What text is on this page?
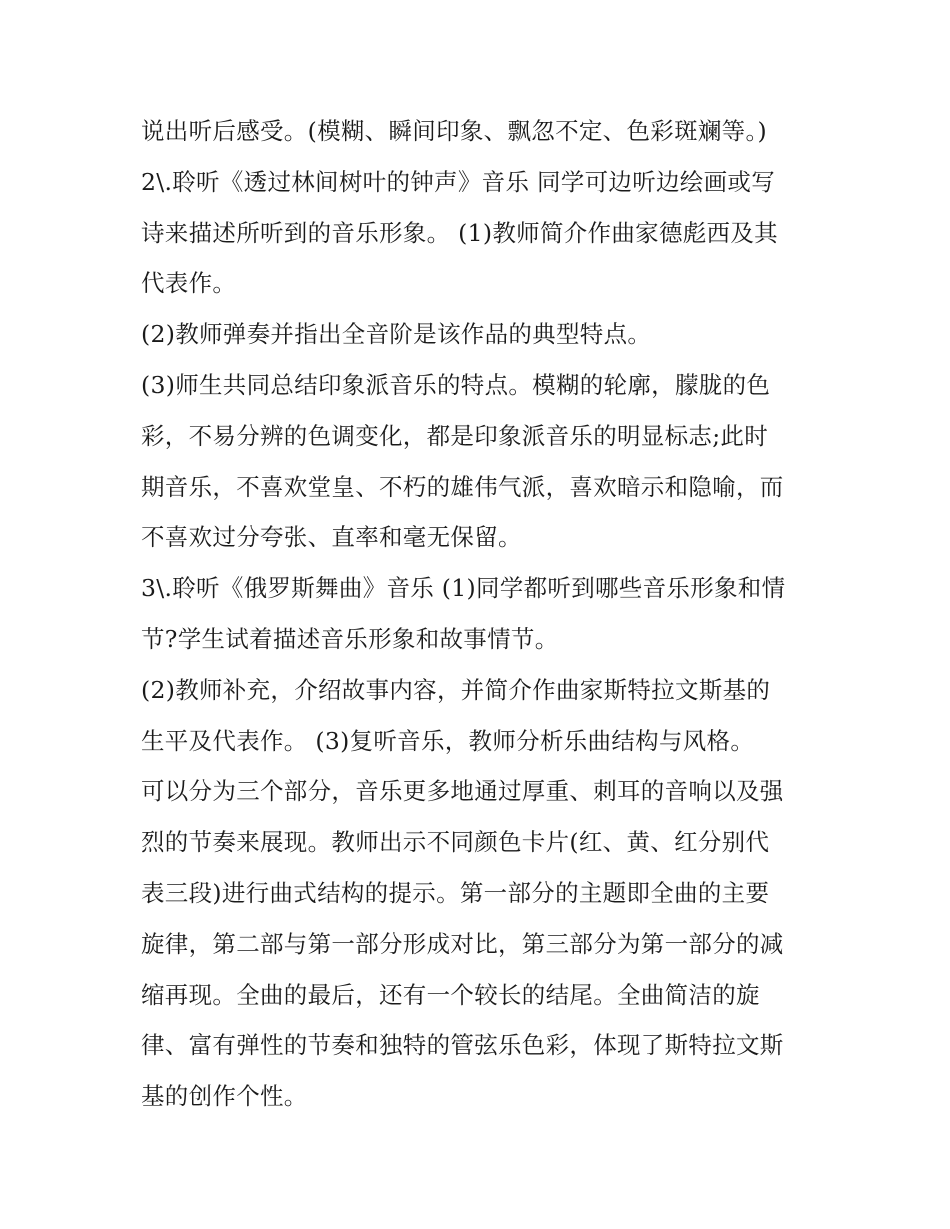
说出听后感受。(模糊、瞬间印象、飘忽不定、色彩斑斓等。)
2\.聆听《透过林间树叶的钟声》音乐 同学可边听边绘画或写
诗来描述所听到的音乐形象。 (1)教师简介作曲家德彪西及其
代表作。
(2)教师弹奏并指出全音阶是该作品的典型特点。
(3)师生共同总结印象派音乐的特点。模糊的轮廓，朦胧的色
彩，不易分辨的色调变化，都是印象派音乐的明显标志;此时
期音乐，不喜欢堂皇、不朽的雄伟气派，喜欢暗示和隐喻，而
不喜欢过分夸张、直率和毫无保留。
3\.聆听《俄罗斯舞曲》音乐 (1)同学都听到哪些音乐形象和情
节?学生试着描述音乐形象和故事情节。
(2)教师补充，介绍故事内容，并简介作曲家斯特拉文斯基的
生平及代表作。 (3)复听音乐，教师分析乐曲结构与风格。
可以分为三个部分，音乐更多地通过厚重、刺耳的音响以及强
烈的节奏来展现。教师出示不同颜色卡片(红、黄、红分别代
表三段)进行曲式结构的提示。第一部分的主题即全曲的主要
旋律，第二部与第一部分形成对比，第三部分为第一部分的减
缩再现。全曲的最后，还有一个较长的结尾。全曲简洁的旋
律、富有弹性的节奏和独特的管弦乐色彩，体现了斯特拉文斯
基的创作个性。
